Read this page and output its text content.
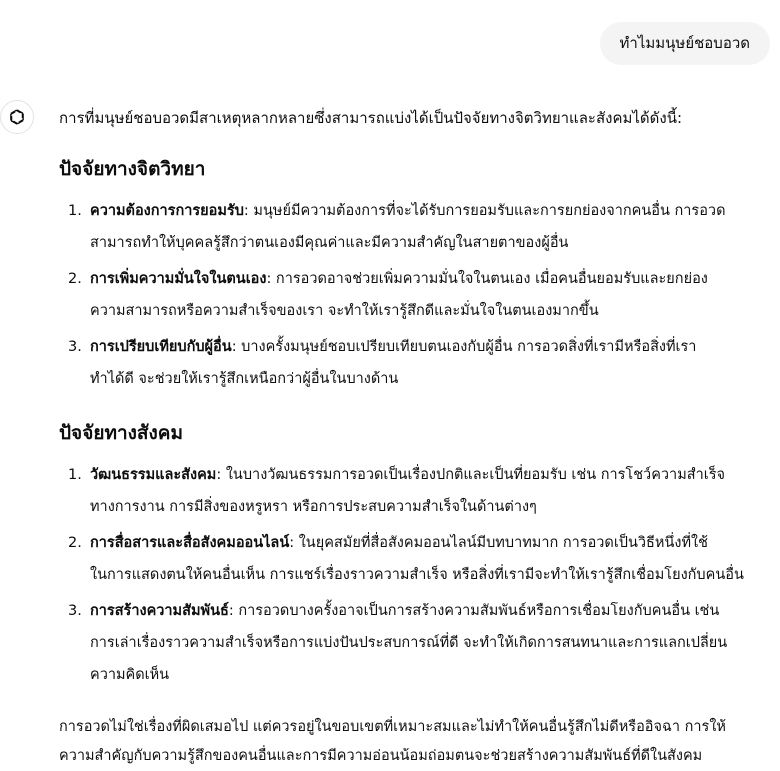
ทำไมมนุษย์ชอบอวด

การที่มนุษย์ชอบอวดมีสาเหตุหลากหลายซึ่งสามารถแบ่งได้เป็นปัจจัยทางจิตวิทยาและสังคมได้ดังนี้:

ปัจจัยทางจิตวิทยา
1. ความต้องการการยอมรับ: มนุษย์มีความต้องการที่จะได้รับการยอมรับและการยกย่องจากคนอื่น การอวด
สามารถทำให้บุคคลรู้สึกว่าตนเองมีคุณค่าและมีความสำคัญในสายตาของผู้อื่น
2. การเพิ่มความมั่นใจในตนเอง: การอวดอาจช่วยเพิ่มความมั่นใจในตนเอง เมื่อคนอื่นยอมรับและยกย่อง
ความสามารถหรือความสำเร็จของเรา จะทำให้เรารู้สึกดีและมั่นใจในตนเองมากขึ้น
3. การเปรียบเทียบกับผู้อื่น: บางครั้งมนุษย์ชอบเปรียบเทียบตนเองกับผู้อื่น การอวดสิ่งที่เรามีหรือสิ่งที่เรา
ทำได้ดี จะช่วยให้เรารู้สึกเหนือกว่าผู้อื่นในบางด้าน
ปัจจัยทางสังคม
1. วัฒนธรรมและสังคม: ในบางวัฒนธรรมการอวดเป็นเรื่องปกติและเป็นที่ยอมรับ เช่น การโชว์ความสำเร็จ
ทางการงาน การมีสิ่งของหรูหรา หรือการประสบความสำเร็จในด้านต่างๆ
2. การสื่อสารและสื่อสังคมออนไลน์: ในยุคสมัยที่สื่อสังคมออนไลน์มีบทบาทมาก การอวดเป็นวิธีหนึ่งที่ใช้
ในการแสดงตนให้คนอื่นเห็น การแชร์เรื่องราวความสำเร็จ หรือสิ่งที่เรามีจะทำให้เรารู้สึกเชื่อมโยงกับคนอื่น
3. การสร้างความสัมพันธ์: การอวดบางครั้งอาจเป็นการสร้างความสัมพันธ์หรือการเชื่อมโยงกับคนอื่น เช่น
การเล่าเรื่องราวความสำเร็จหรือการแบ่งปันประสบการณ์ที่ดี จะทำให้เกิดการสนทนาและการแลกเปลี่ยน
ความคิดเห็น

การอวดไม่ใช่เรื่องที่ผิดเสมอไป แต่ควรอยู่ในขอบเขตที่เหมาะสมและไม่ทำให้คนอื่นรู้สึกไม่ดีหรืออิจฉา การให้
ความสำคัญกับความรู้สึกของคนอื่นและการมีความอ่อนน้อมถ่อมตนจะช่วยสร้างความสัมพันธ์ที่ดีในสังคม
